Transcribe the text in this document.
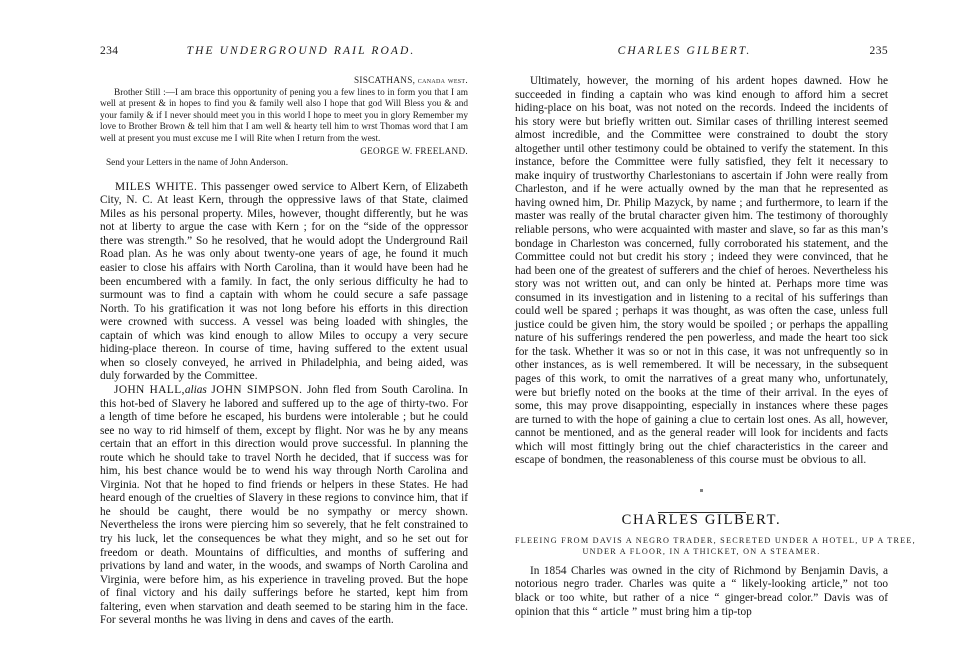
234	THE UNDERGROUND RAIL ROAD.
SISCATHANS, canada west.

Brother Still :—I am brace this opportunity of pening you a few lines to in form you that I am well at present & in hopes to find you & family well also I hope that god Will Bless you & and your family & if I never should meet you in this world I hope to meet you in glory Remember my love to Brother Brown & tell him that I am well & hearty tell him to wrst Thomas word that I am well at present you must excuse me I will Rite when I return from the west.

GEORGE W. FREELAND.

Send your Letters in the name of John Anderson.

MILES WHITE. This passenger owed service to Albert Kern, of Elizabeth City, N. C. At least Kern, through the oppressive laws of that State, claimed Miles as his personal property. Miles, however, thought differently, but he was not at liberty to argue the case with Kern ; for on the “side of the oppressor there was strength.” So he resolved, that he would adopt the Underground Rail Road plan. As he was only about twenty-one years of age, he found it much easier to close his affairs with North Carolina, than it would have been had he been encumbered with a family. In fact, the only serious difficulty he had to surmount was to find a captain with whom he could secure a safe passage North. To his gratification it was not long before his efforts in this direction were crowned with success. A vessel was being loaded with shingles, the captain of which was kind enough to allow Miles to occupy a very secure hiding-place thereon. In course of time, having suffered to the extent usual when so closely conveyed, he arrived in Philadelphia, and being aided, was duly forwarded by the Committee.

JOHN HALL,alias JOHN SIMPSON. John fled from South Carolina. In this hot-bed of Slavery he labored and suffered up to the age of thirty-two. For a length of time before he escaped, his burdens were intolerable ; but he could see no way to rid himself of them, except by flight. Nor was he by any means certain that an effort in this direction would prove successful. In planning the route which he should take to travel North he decided, that if success was for him, his best chance would be to wend his way through North Carolina and Virginia. Not that he hoped to find friends or helpers in these States. He had heard enough of the cruelties of Slavery in these regions to convince him, that if he should be caught, there would be no sympathy or mercy shown. Nevertheless the irons were piercing him so severely, that he felt constrained to try his luck, let the consequences be what they might, and so he set out for freedom or death. Mountains of difficulties, and months of suffering and privations by land and water, in the woods, and swamps of North Carolina and Virginia, were before him, as his experience in traveling proved. But the hope of final victory and his daily sufferings before he started, kept him from faltering, even when starvation and death seemed to be staring him in the face. For several months he was living in dens and caves of the earth.

CHARLES GILBERT.	235

Ultimately, however, the morning of his ardent hopes dawned. How he succeeded in finding a captain who was kind enough to afford him a secret hiding-place on his boat, was not noted on the records. Indeed the incidents of his story were but briefly written out. Similar cases of thrilling interest seemed almost incredible, and the Committee were constrained to doubt the story altogether until other testimony could be obtained to verify the statement. In this instance, before the Committee were fully satisfied, they felt it necessary to make inquiry of trustworthy Charlestonians to ascertain if John were really from Charleston, and if he were actually owned by the man that he represented as having owned him, Dr. Philip Mazyck, by name ; and furthermore, to learn if the master was really of the brutal character given him. The testimony of thoroughly reliable persons, who were acquainted with master and slave, so far as this man’s bondage in Charleston was concerned, fully corroborated his statement, and the Committee could not but credit his story ; indeed they were convinced, that he had been one of the greatest of sufferers and the chief of heroes. Nevertheless his story was not written out, and can only be hinted at. Perhaps more time was consumed in its investigation and in listening to a recital of his sufferings than could well be spared ; perhaps it was thought, as was often the case, unless full justice could be given him, the story would be spoiled ; or perhaps the appalling nature of his sufferings rendered the pen powerless, and made the heart too sick for the task. Whether it was so or not in this case, it was not unfrequently so in other instances, as is well remembered. It will be necessary, in the subsequent pages of this work, to omit the narratives of a great many who, unfortunately, were but briefly noted on the books at the time of their arrival. In the eyes of some, this may prove disappointing, especially in instances where these pages are turned to with the hope of gaining a clue to certain lost ones. As all, however, cannot be mentioned, and as the general reader will look for incidents and facts which will most fittingly bring out the chief characteristics in the career and escape of bondmen, the reasonableness of this course must be obvious to all.

CHARLES GILBERT.

FLEEING FROM DAVIS A NEGRO TRADER, SECRETED UNDER A HOTEL, UP A TREE,

UNDER A FLOOR, IN A THICKET, ON A STEAMER.

In 1854 Charles was owned in the city of Richmond by Benjamin Davis, a notorious negro trader. Charles was quite a “ likely-looking article,” not too black or too white, but rather of a nice “ ginger-bread color.” Davis was of opinion that this “ article ” must bring him a tip-top
